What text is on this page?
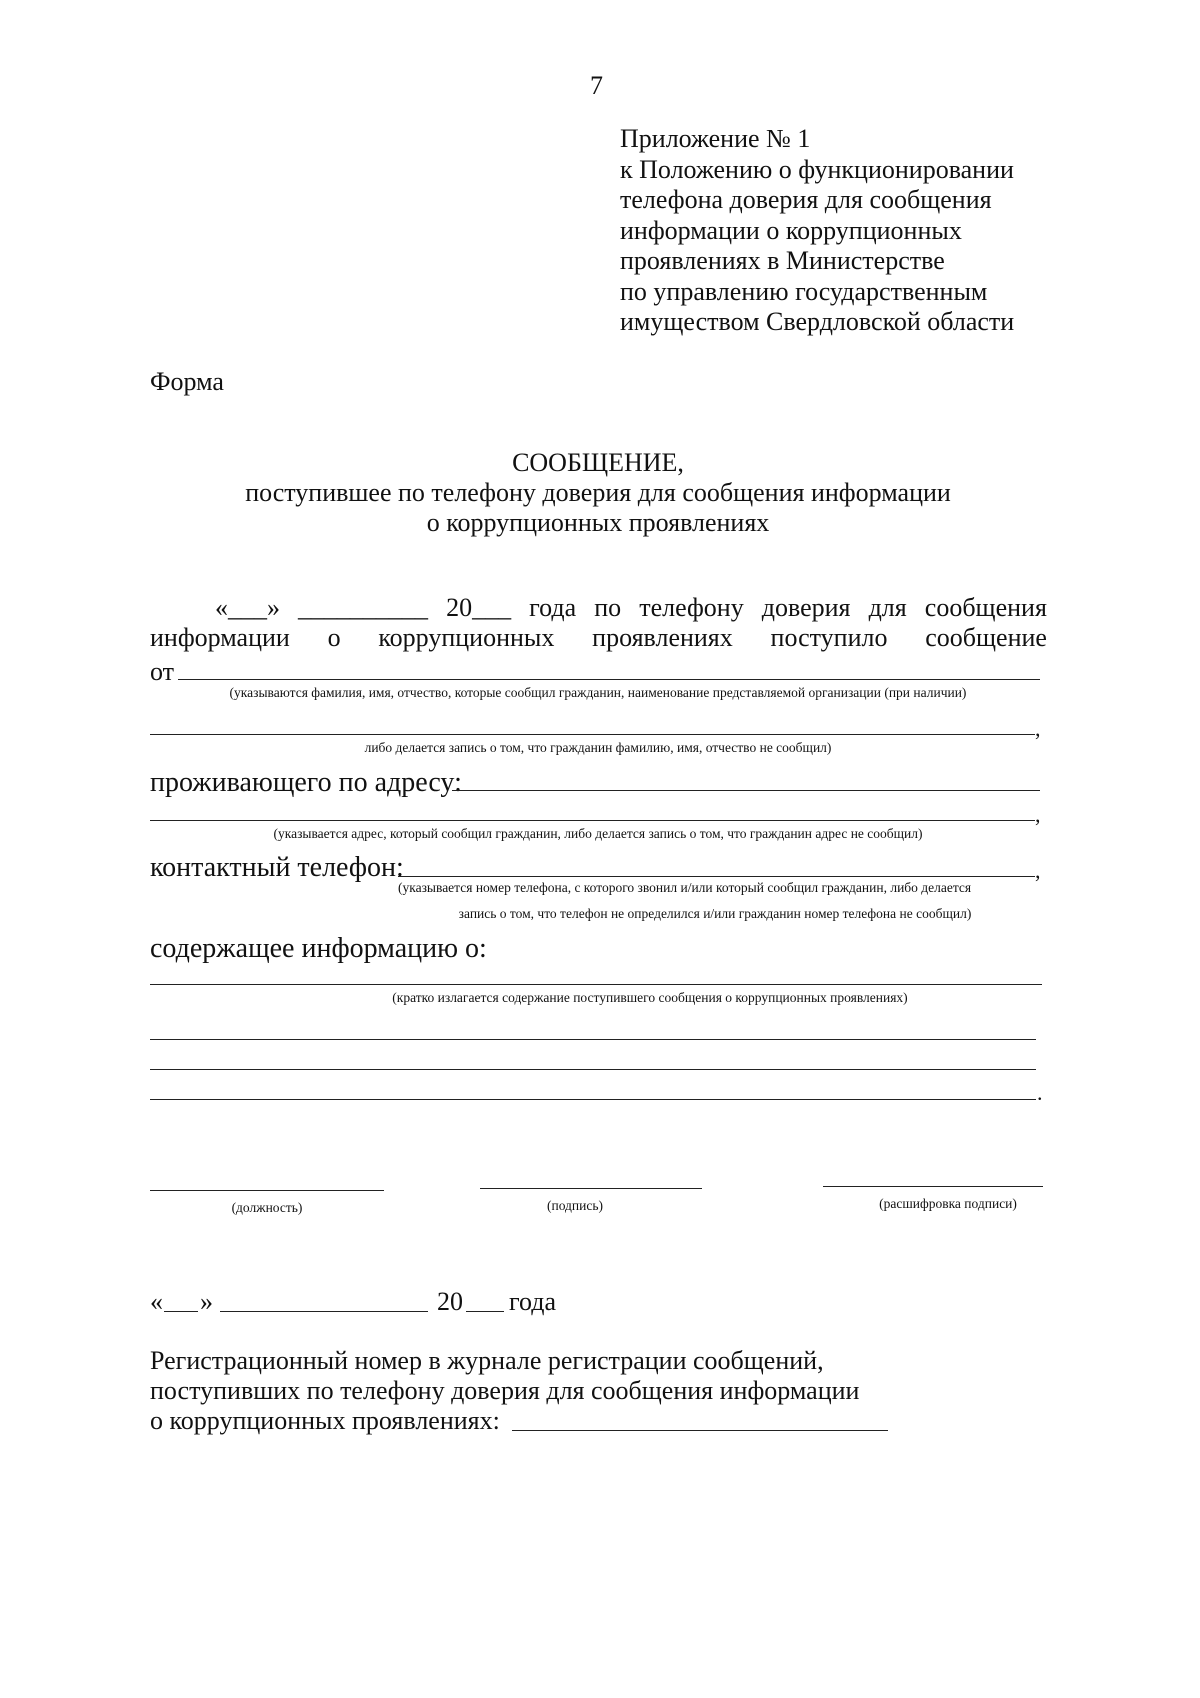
7
Приложение № 1
к Положению о функционировании
телефона доверия для сообщения
информации о коррупционных
проявлениях в Министерстве
по управлению государственным
имуществом Свердловской области
Форма
СООБЩЕНИЕ,
поступившее по телефону доверия для сообщения информации
о коррупционных проявлениях
«___» __________ 20___ года по телефону доверия для сообщения
информации о коррупционных проявлениях поступило сообщение
от
(указываются фамилия, имя, отчество, которые сообщил гражданин, наименование представляемой организации (при наличии)
,
либо делается запись о том, что гражданин фамилию, имя, отчество не сообщил)
проживающего по адресу:
,
(указывается адрес, который сообщил гражданин, либо делается запись о том, что гражданин адрес не сообщил)
контактный телефон:	,
(указывается номер телефона, с которого звонил и/или который сообщил гражданин, либо делается
запись о том, что телефон не определился и/или гражданин номер телефона не сообщил)
содержащее информацию о:
(кратко излагается содержание поступившего сообщения о коррупционных проявлениях)
.
(должность)	(подпись)	(расшифровка подписи)
« »	20 года
Регистрационный номер в журнале регистрации сообщений,
поступивших по телефону доверия для сообщения информации
о коррупционных проявлениях:
